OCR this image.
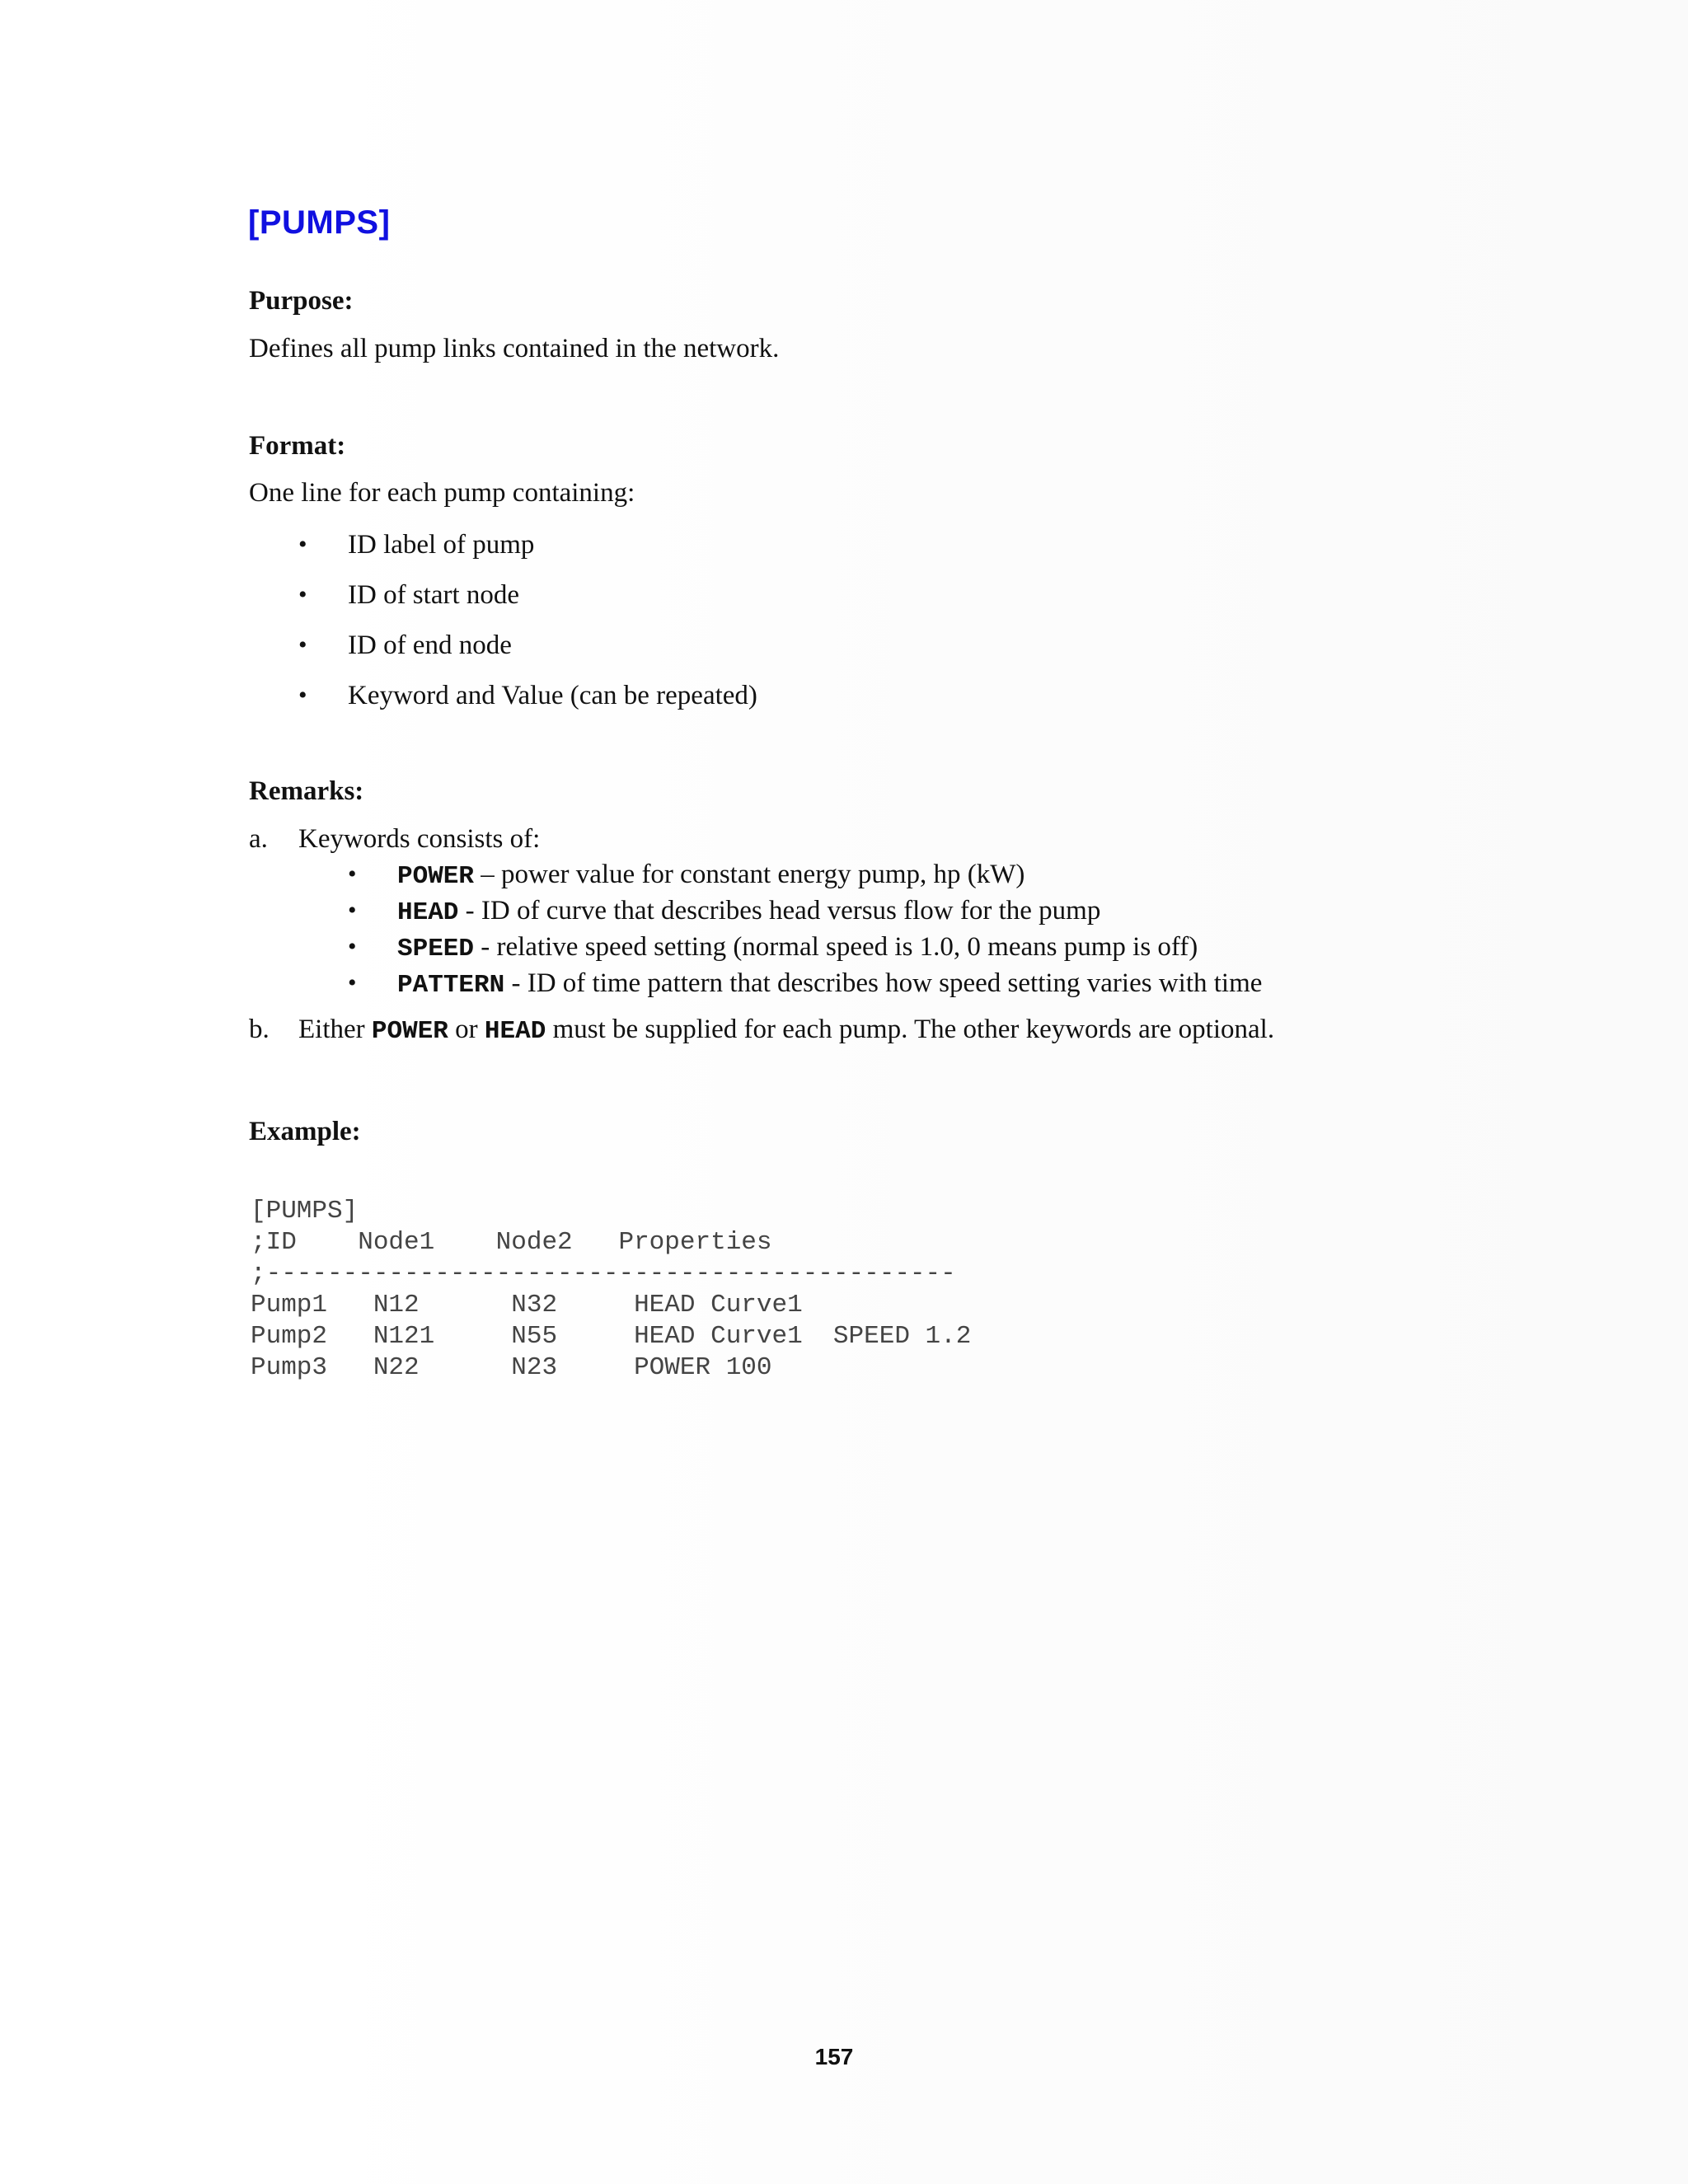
[PUMPS]
Purpose:

Defines all pump links contained in the network.

Format:

One line for each pump containing:

• ID label of pump
• ID of start node
• ID of end node
• Keyword and Value (can be repeated)
Remarks:
a.	Keywords consists of:
• POWER – power value for constant energy pump, hp (kW)
• HEAD - ID of curve that describes head versus flow for the pump
• SPEED - relative speed setting (normal speed is 1.0, 0 means pump is off)
• PATTERN - ID of time pattern that describes how speed setting varies with time
b.	Either POWER or HEAD must be supplied for each pump. The other keywords are optional.
Example:
[PUMPS]
;ID    Node1    Node2   Properties
;---------------------------------------------
Pump1   N12      N32     HEAD Curve1
Pump2   N121     N55     HEAD Curve1  SPEED 1.2
Pump3   N22      N23     POWER 100
157
